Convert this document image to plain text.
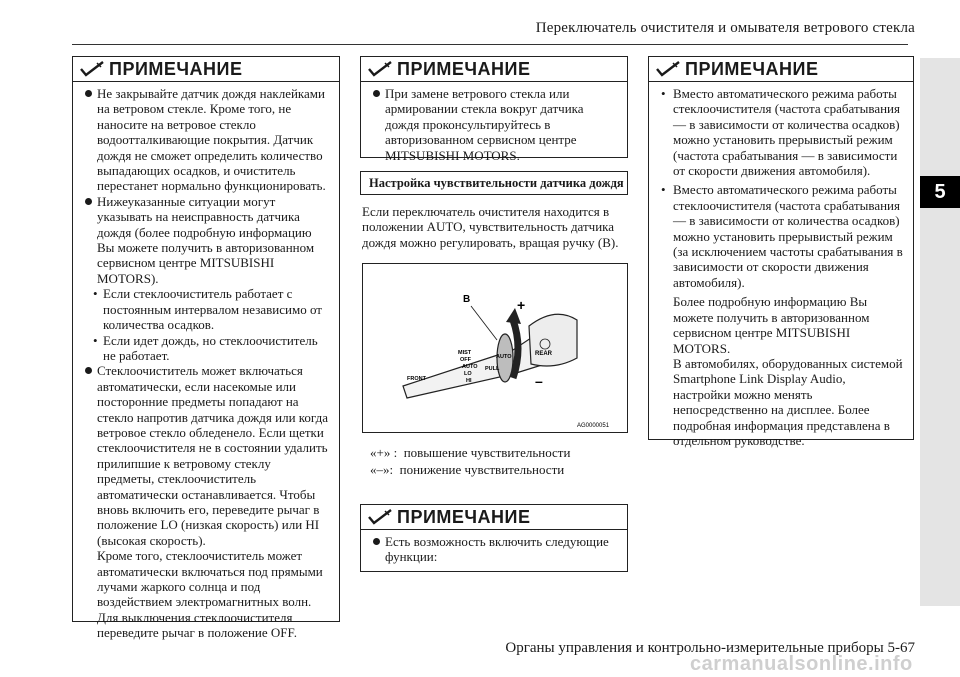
Переключатель очистителя и омывателя ветрового стекла
5
ПРИМЕЧАНИЕ

Не закрывайте датчик дождя наклейками на ветровом стекле. Кроме того, не наносите на ветровое стекло водоотталкивающие покрытия. Датчик дождя не сможет определить количество выпадающих осадков, и очиститель перестанет нормально функционировать.

Нижеуказанные ситуации могут указывать на неисправность датчика дождя (более подробную информацию Вы можете получить в авторизованном сервисном центре MITSUBISHI MOTORS).

• Если стеклоочиститель работает с постоянным интервалом независимо от количества осадков.

• Если идет дождь, но стеклоочиститель не работает.

Стеклоочиститель может включаться автоматически, если насекомые или посторонние предметы попадают на стекло напротив датчика дождя или когда ветровое стекло обледенело. Если щетки стеклоочистителя не в состоянии удалить прилипшие к ветровому стеклу предметы, стеклоочиститель автоматически останавливается. Чтобы вновь включить его, переведите рычаг в положение LO (низкая скорость) или HI (высокая скорость).

Кроме того, стеклоочиститель может автоматически включаться под прямыми лучами жаркого солнца и под воздействием электромагнитных волн. Для выключения стеклоочистителя переведите рычаг в положение OFF.

ПРИМЕЧАНИЕ

При замене ветрового стекла или армировании стекла вокруг датчика дождя проконсультируйтесь в авторизованном сервисном центре MITSUBISHI MOTORS.

Настройка чувствительности датчика дождя
Если переключатель очистителя находится в положении AUTO, чувствительность датчика дождя можно регулировать, вращая ручку (B).
B	+
–
MIST
OFF
AUTO
LO
HI
FRONT
PULL
AUTO	REAR
AG0000051
«+» : повышение чувствительности
«–»: понижение чувствительности
ПРИМЕЧАНИЕ

Есть возможность включить следующие функции:

ПРИМЕЧАНИЕ

• Вместо автоматического режима работы стеклоочистителя (частота срабатывания — в зависимости от количества осадков) можно установить прерывистый режим (частота срабатывания — в зависимости от скорости движения автомобиля).

• Вместо автоматического режима работы стеклоочистителя (частота срабатывания — в зависимости от количества осадков) можно установить прерывистый режим (за исключением частоты срабатывания в зависимости от скорости движения автомобиля).

Более подробную информацию Вы можете получить в авторизованном сервисном центре MITSUBISHI MOTORS.

В автомобилях, оборудованных системой Smartphone Link Display Audio, настройки можно менять непосредственно на дисплее. Более подробная информация представлена в отдельном руководстве.

Органы управления и контрольно-измерительные приборы 5-67
carmanualsonline.info
